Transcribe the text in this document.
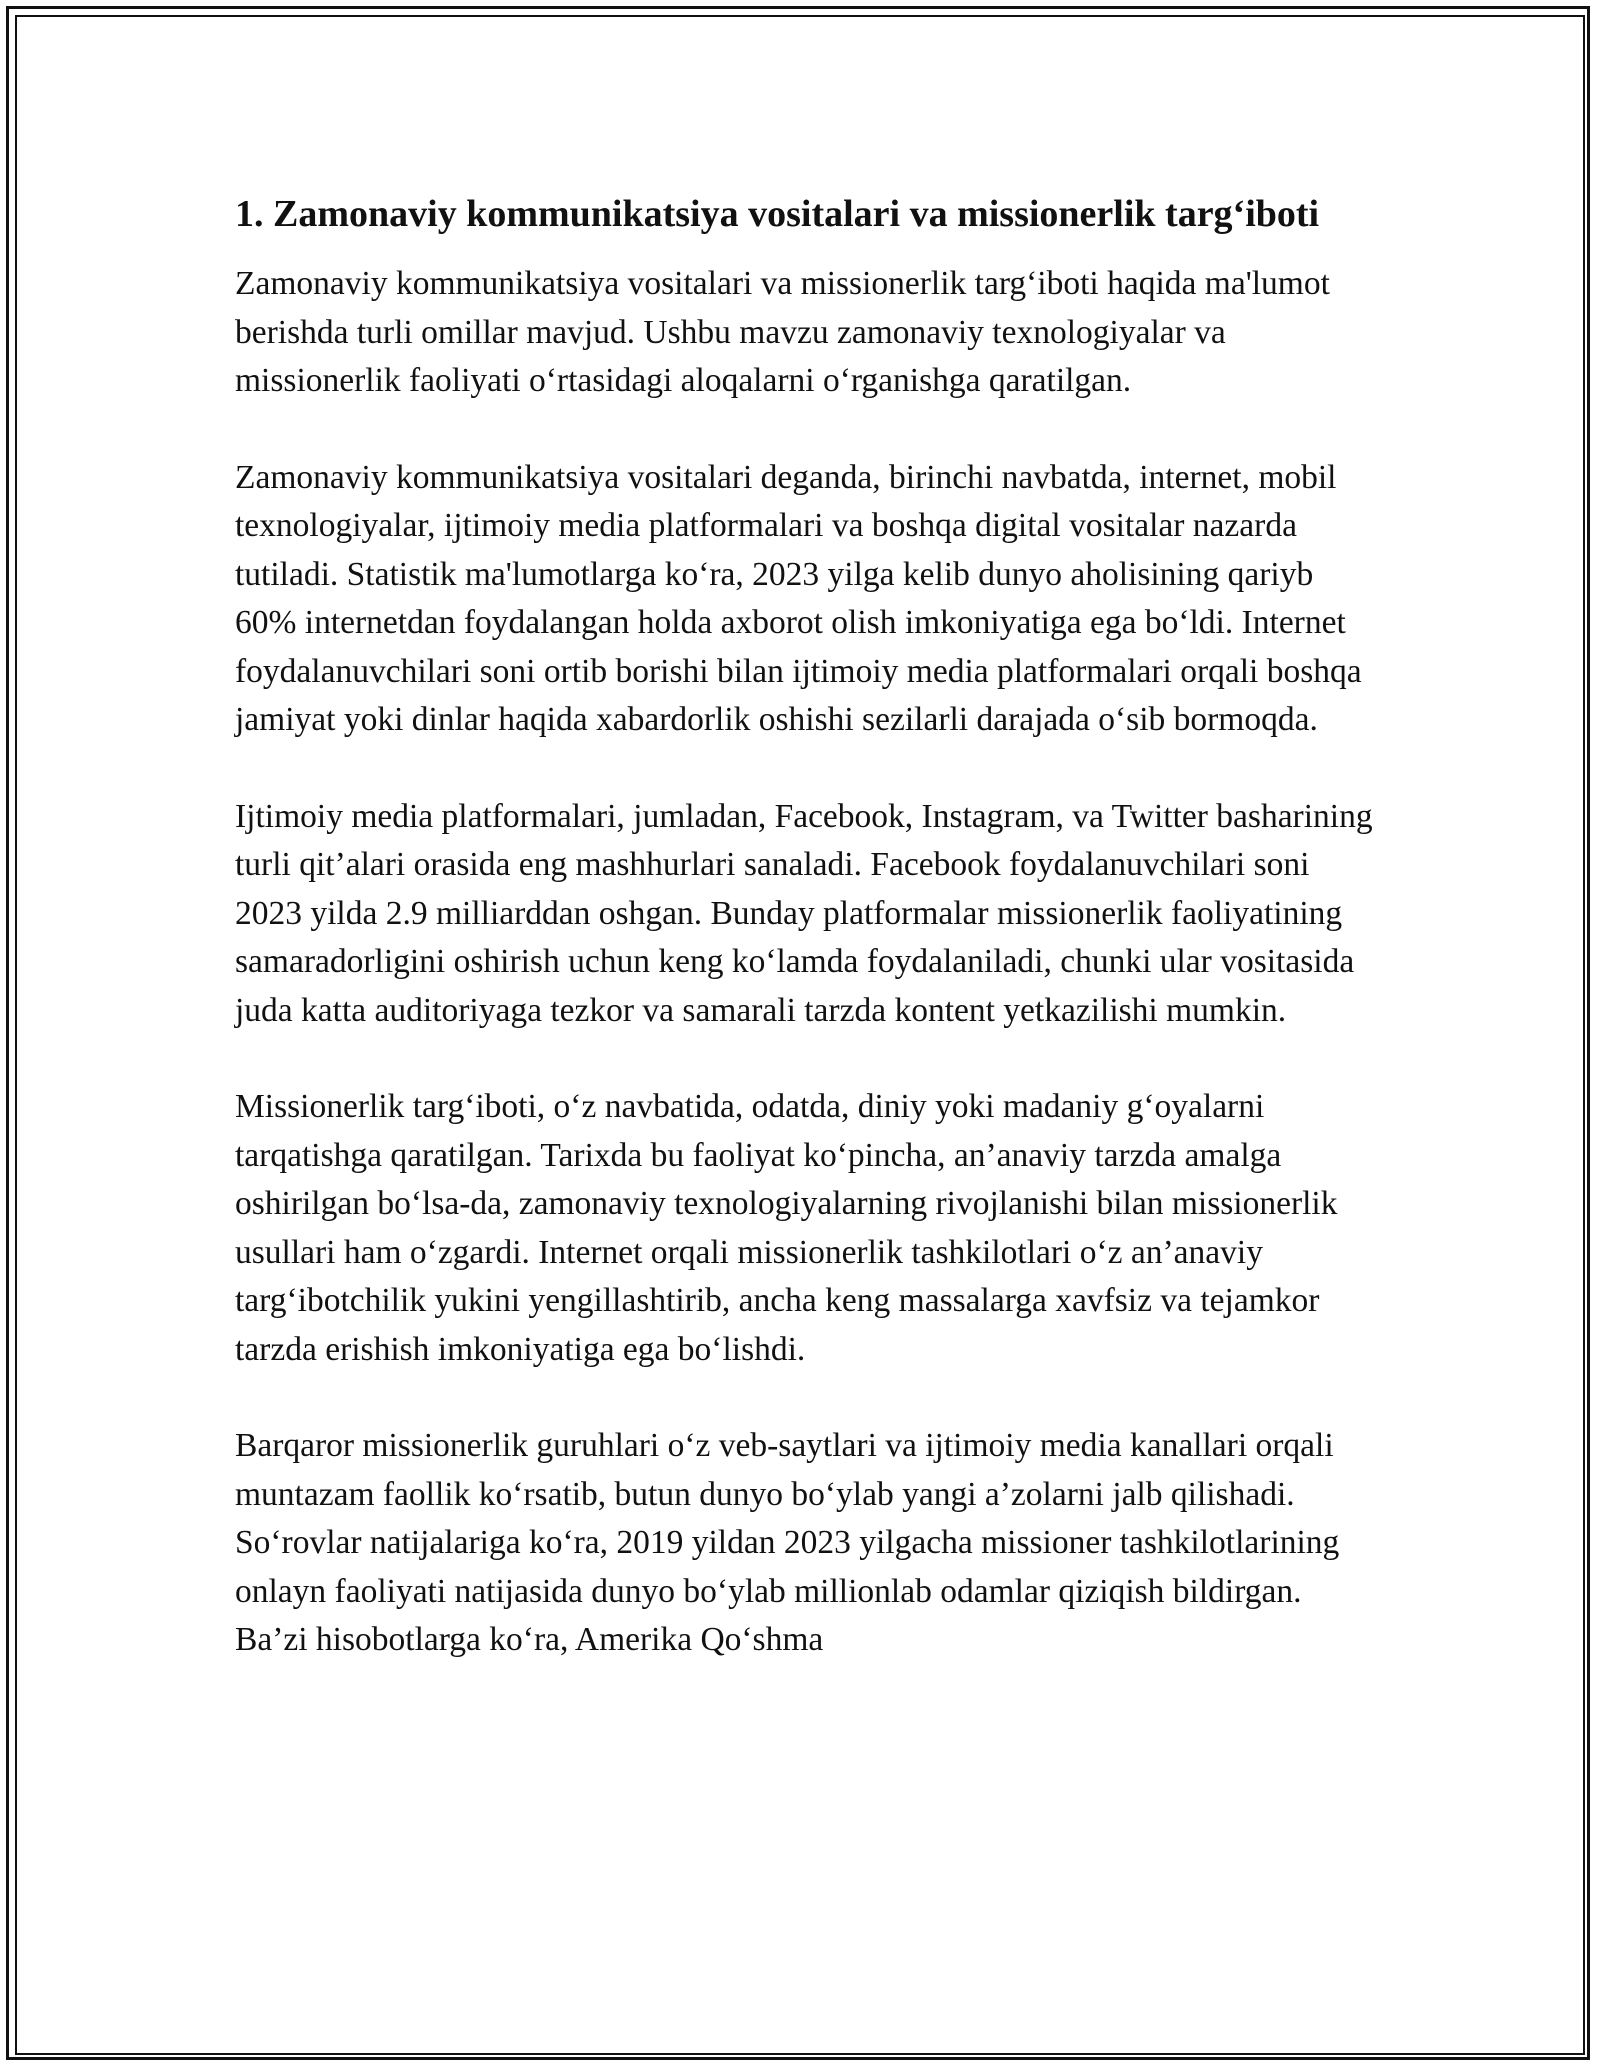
1. Zamonaviy kommunikatsiya vositalari va missionerlik targ‘iboti

Zamonaviy kommunikatsiya vositalari va missionerlik targ‘iboti haqida ma'lumot berishda turli omillar mavjud. Ushbu mavzu zamonaviy texnologiyalar va missionerlik faoliyati o‘rtasidagi aloqalarni o‘rganishga qaratilgan.

Zamonaviy kommunikatsiya vositalari deganda, birinchi navbatda, internet, mobil texnologiyalar, ijtimoiy media platformalari va boshqa digital vositalar nazarda tutiladi. Statistik ma'lumotlarga ko‘ra, 2023 yilga kelib dunyo aholisining qariyb 60% internetdan foydalangan holda axborot olish imkoniyatiga ega bo‘ldi. Internet foydalanuvchilari soni ortib borishi bilan ijtimoiy media platformalari orqali boshqa jamiyat yoki dinlar haqida xabardorlik oshishi sezilarli darajada o‘sib bormoqda.

Ijtimoiy media platformalari, jumladan, Facebook, Instagram, va Twitter basharining turli qit’alari orasida eng mashhurlari sanaladi. Facebook foydalanuvchilari soni 2023 yilda 2.9 milliarddan oshgan. Bunday platformalar missionerlik faoliyatining samaradorligini oshirish uchun keng ko‘lamda foydalaniladi, chunki ular vositasida juda katta auditoriyaga tezkor va samarali tarzda kontent yetkazilishi mumkin.

Missionerlik targ‘iboti, o‘z navbatida, odatda, diniy yoki madaniy g‘oyalarni tarqatishga qaratilgan. Tarixda bu faoliyat ko‘pincha, an’anaviy tarzda amalga oshirilgan bo‘lsa-da, zamonaviy texnologiyalarning rivojlanishi bilan missionerlik usullari ham o‘zgardi. Internet orqali missionerlik tashkilotlari o‘z an’anaviy targ‘ibotchilik yukini yengillashtirib, ancha keng massalarga xavfsiz va tejamkor tarzda erishish imkoniyatiga ega bo‘lishdi.

Barqaror missionerlik guruhlari o‘z veb-saytlari va ijtimoiy media kanallari orqali muntazam faollik ko‘rsatib, butun dunyo bo‘ylab yangi a’zolarni jalb qilishadi. So‘rovlar natijalariga ko‘ra, 2019 yildan 2023 yilgacha missioner tashkilotlarining onlayn faoliyati natijasida dunyo bo‘ylab millionlab odamlar qiziqish bildirgan. Ba’zi hisobotlarga ko‘ra, Amerika Qo‘shma
